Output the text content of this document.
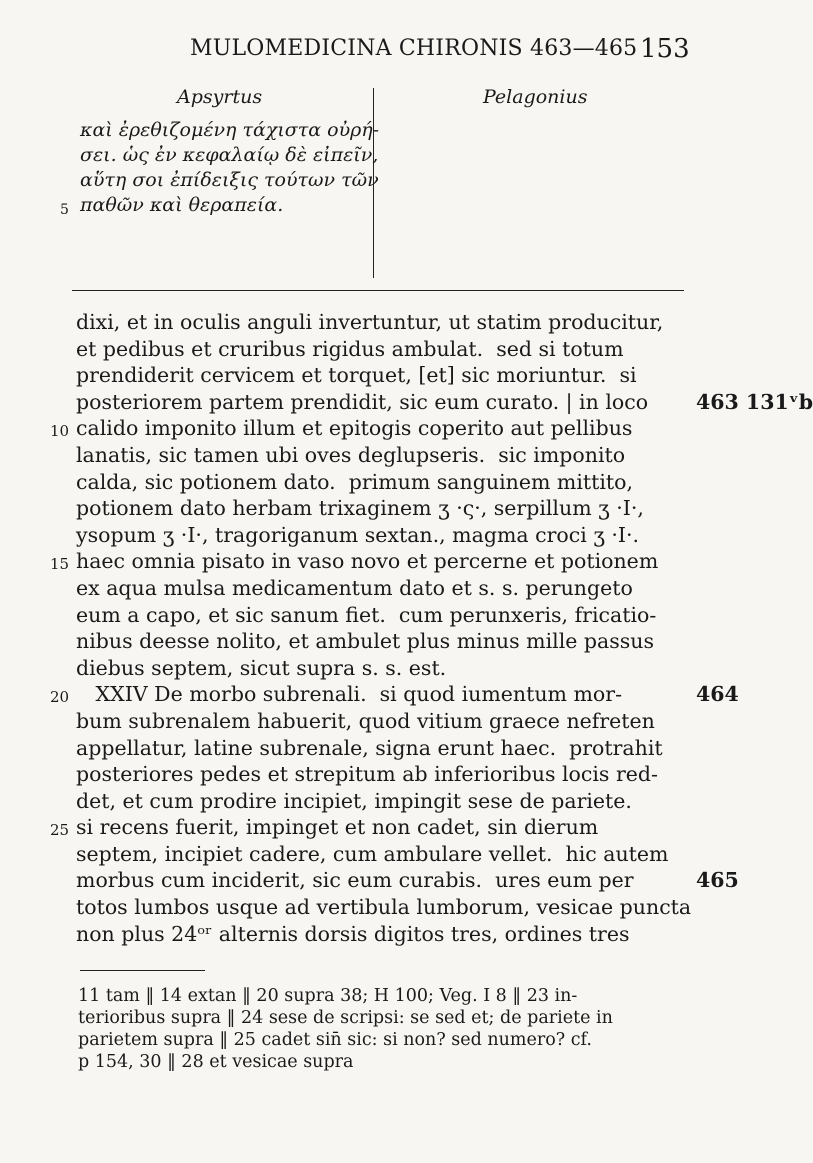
MULOMEDICINA CHIRONIS 463—465 153
Apsyrtus	Pelagonius
καὶ ἐρεθιζομένη τάχιστα οὐρή-
σει. ὡς ἐν κεφαλαίῳ δὲ εἰπεῖν,
αὕτη σοι ἐπίδειξις τούτων τῶν
5 παθῶν καὶ θεραπεία.
dixi, et in oculis anguli invertuntur, ut statim producitur,
et pedibus et cruribus rigidus ambulat.  sed si totum
prendiderit cervicem et torquet, [et] sic moriuntur.  si
posteriorem partem prendidit, sic eum curato. | in loco	463 131ᵛb
10 calido imponito illum et epitogis coperito aut pellibus
lanatis, sic tamen ubi oves deglupseris.  sic imponito
calda, sic potionem dato.  primum sanguinem mittito,
potionem dato herbam trixaginem ʒ ·ς·, serpillum ʒ ·I·,
ysopum ʒ ·I·, tragoriganum sextan., magma croci ʒ ·I·.
15 haec omnia pisato in vaso novo et percerne et potionem
ex aqua mulsa medicamentum dato et s. s. perungeto
eum a capo, et sic sanum fiet.  cum perunxeris, fricatio-
nibus deesse nolito, et ambulet plus minus mille passus
diebus septem, sicut supra s. s. est.
20 XXIV De morbo subrenali.  si quod iumentum mor-	464
bum subrenalem habuerit, quod vitium graece nefreten
appellatur, latine subrenale, signa erunt haec.  protrahit
posteriores pedes et strepitum ab inferioribus locis red-
det, et cum prodire incipiet, impingit sese de pariete.
25 si recens fuerit, impinget et non cadet, sin dierum
septem, incipiet cadere, cum ambulare vellet.  hic autem
morbus cum inciderit, sic eum curabis.  ures eum per	465
totos lumbos usque ad vertibula lumborum, vesicae puncta
non plus 24ᵒʳ alternis dorsis digitos tres, ordines tres
11 tam ‖ 14 extan ‖ 20 supra 38; H 100; Veg. I 8 ‖ 23 in-
terioribus supra ‖ 24 sese de scripsi: se sed et; de pariete in
parietem supra ‖ 25 cadet sin̄ sic: si non? sed numero? cf.
p 154, 30 ‖ 28 et vesicae supra
